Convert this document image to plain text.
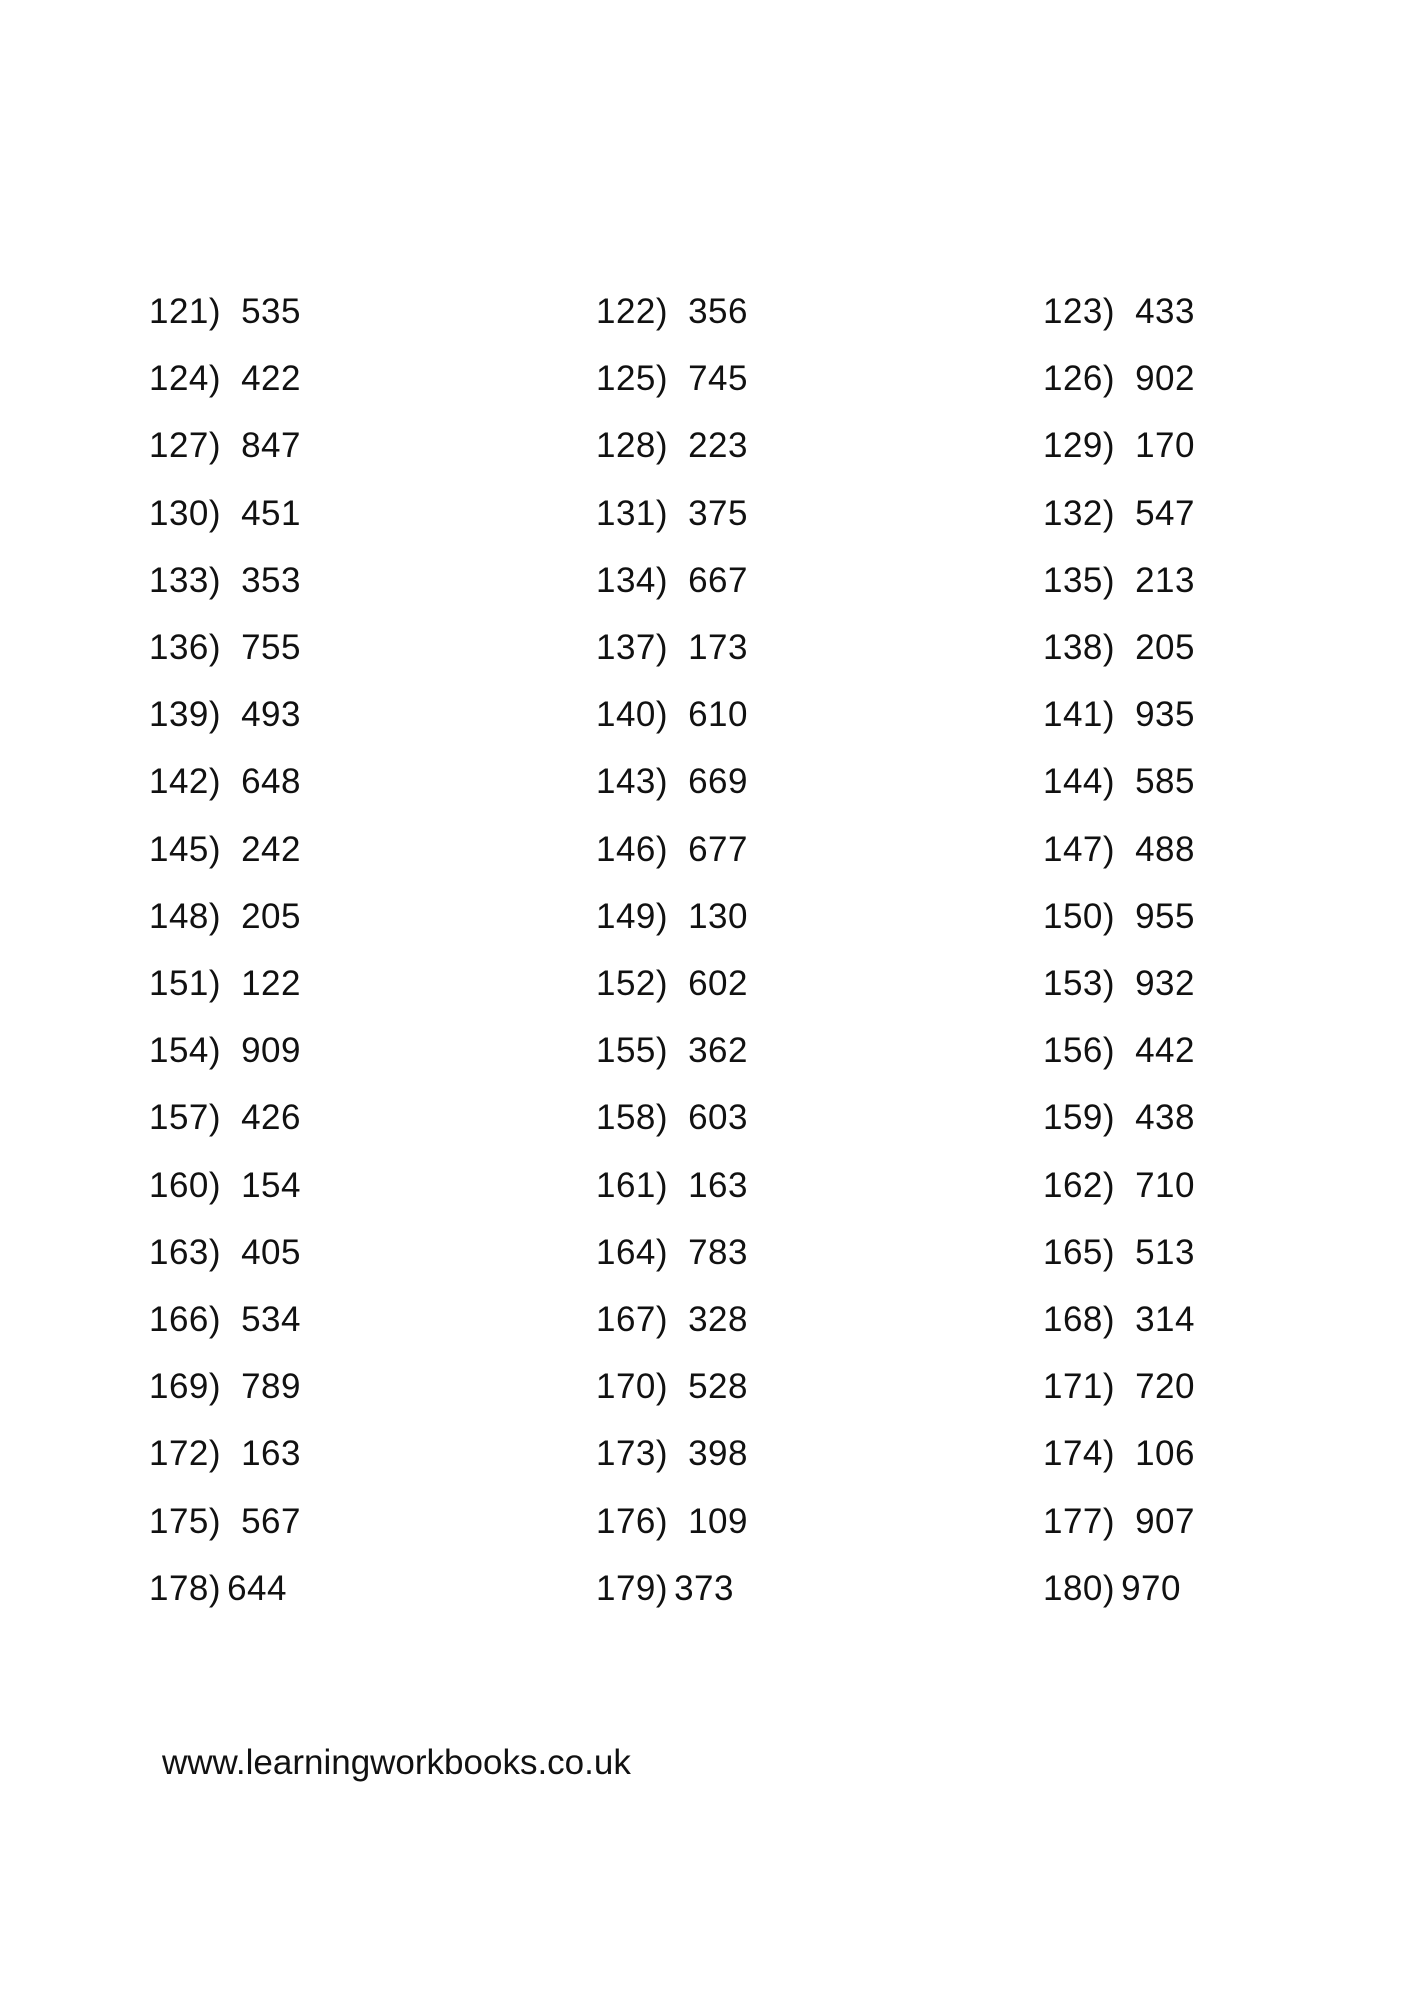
121) 535	122) 356	123) 433
124) 422	125) 745	126) 902
127) 847	128) 223	129) 170
130) 451	131) 375	132) 547
133) 353	134) 667	135) 213
136) 755	137) 173	138) 205
139) 493	140) 610	141) 935
142) 648	143) 669	144) 585
145) 242	146) 677	147) 488
148) 205	149) 130	150) 955
151) 122	152) 602	153) 932
154) 909	155) 362	156) 442
157) 426	158) 603	159) 438
160) 154	161) 163	162) 710
163) 405	164) 783	165) 513
166) 534	167) 328	168) 314
169) 789	170) 528	171) 720
172) 163	173) 398	174) 106
175) 567	176) 109	177) 907
178) 644	179) 373	180) 970
www.learningworkbooks.co.uk
